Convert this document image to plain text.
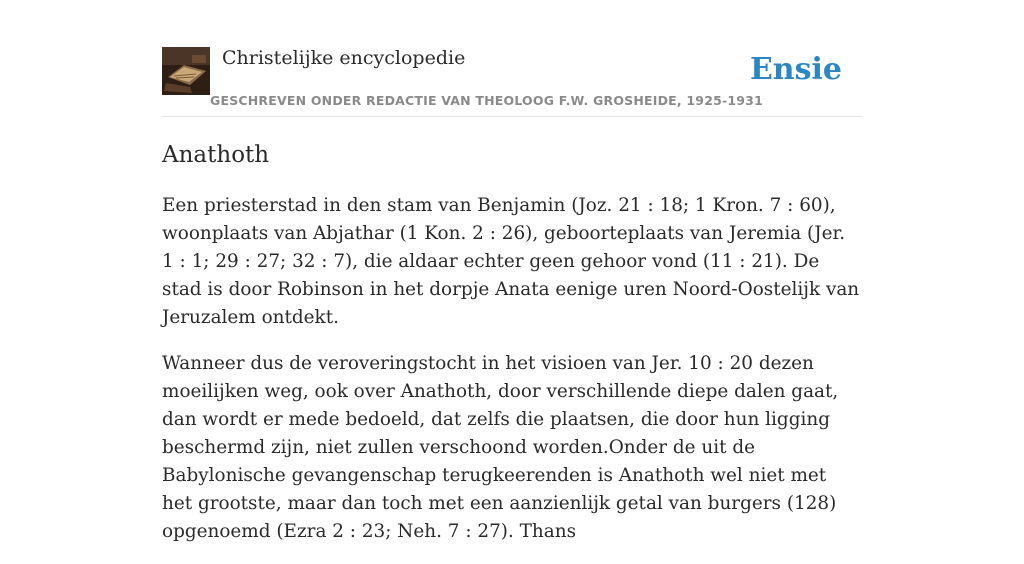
Christelijke encyclopedie
GESCHREVEN ONDER REDACTIE VAN THEOLOOG F.W. GROSHEIDE, 1925-1931
Ensie
Anathoth

Een priesterstad in den stam van Benjamin (Joz. 21 : 18; 1 Kron. 7 : 60), woonplaats van Abjathar (1 Kon. 2 : 26), geboorteplaats van Jeremia (Jer. 1 : 1; 29 : 27; 32 : 7), die aldaar echter geen gehoor vond (11 : 21). De stad is door Robinson in het dorpje Anata eenige uren Noord-Oostelijk van Jeruzalem ontdekt.

Wanneer dus de veroveringstocht in het visioen van Jer. 10 : 20 dezen moeilijken weg, ook over Anathoth, door verschillende diepe dalen gaat, dan wordt er mede bedoeld, dat zelfs die plaatsen, die door hun ligging beschermd zijn, niet zullen verschoond worden.Onder de uit de Babylonische gevangenschap terugkeerenden is Anathoth wel niet met het grootste, maar dan toch met een aanzienlijk getal van burgers (128) opgenoemd (Ezra 2 : 23; Neh. 7 : 27). Thans
